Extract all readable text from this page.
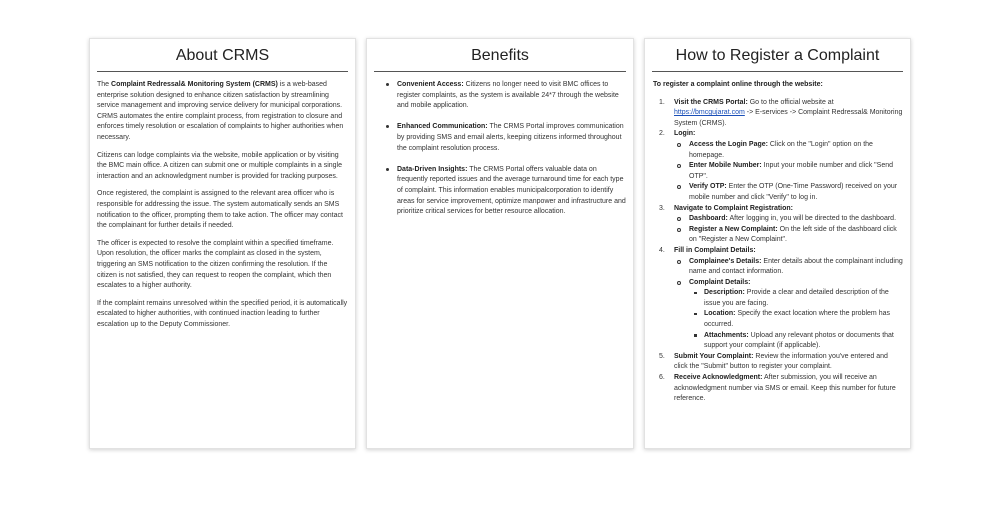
About CRMS

The Complaint Redressal& Monitoring System (CRMS) is a web-based enterprise solution designed to enhance citizen satisfaction by streamlining service management and improving service delivery for municipal corporations. CRMS automates the entire complaint process, from registration to closure and enforces timely resolution or escalation of complaints to higher authorities when necessary.

Citizens can lodge complaints via the website, mobile application or by visiting the BMC main office. A citizen can submit one or multiple complaints in a single interaction and an acknowledgment number is provided for tracking purposes.

Once registered, the complaint is assigned to the relevant area officer who is responsible for addressing the issue. The system automatically sends an SMS notification to the officer, prompting them to take action. The officer may contact the complainant for further details if needed.

The officer is expected to resolve the complaint within a specified timeframe. Upon resolution, the officer marks the complaint as closed in the system, triggering an SMS notification to the citizen confirming the resolution. If the citizen is not satisfied, they can request to reopen the complaint, which then escalates to a higher authority.

If the complaint remains unresolved within the specified period, it is automatically escalated to higher authorities, with continued inaction leading to further escalation up to the Deputy Commissioner.

Benefits
Convenient Access: Citizens no longer need to visit BMC offices to register complaints, as the system is available 24*7 through the website and mobile application.
Enhanced Communication: The CRMS Portal improves communication by providing SMS and email alerts, keeping citizens informed throughout the complaint resolution process.
Data-Driven Insights: The CRMS Portal offers valuable data on frequently reported issues and the average turnaround time for each type of complaint. This information enables municipalcorporation to identify areas for service improvement, optimize manpower and infrastructure and prioritize critical services for better resource allocation.
How to Register a Complaint
To register a complaint online through the website:
1. Visit the CRMS Portal: Go to the official website at https://bmcgujarat.com -> E-services -> Complaint Redressal& Monitoring System (CRMS).
2. Login:
Access the Login Page: Click on the "Login" option on the homepage.
Enter Mobile Number: Input your mobile number and click "Send OTP".
Verify OTP: Enter the OTP (One-Time Password) received on your mobile number and click "Verify" to log in.
3. Navigate to Complaint Registration:
Dashboard: After logging in, you will be directed to the dashboard.
Register a New Complaint: On the left side of the dashboard click on "Register a New Complaint".
4. Fill in Complaint Details:
Complainee's Details: Enter details about the complainant including name and contact information.
Complaint Details:
Description: Provide a clear and detailed description of the issue you are facing.
Location: Specify the exact location where the problem has occurred.
Attachments: Upload any relevant photos or documents that support your complaint (if applicable).
5. Submit Your Complaint: Review the information you've entered and click the "Submit" button to register your complaint.
6. Receive Acknowledgment: After submission, you will receive an acknowledgment number via SMS or email. Keep this number for future reference.
